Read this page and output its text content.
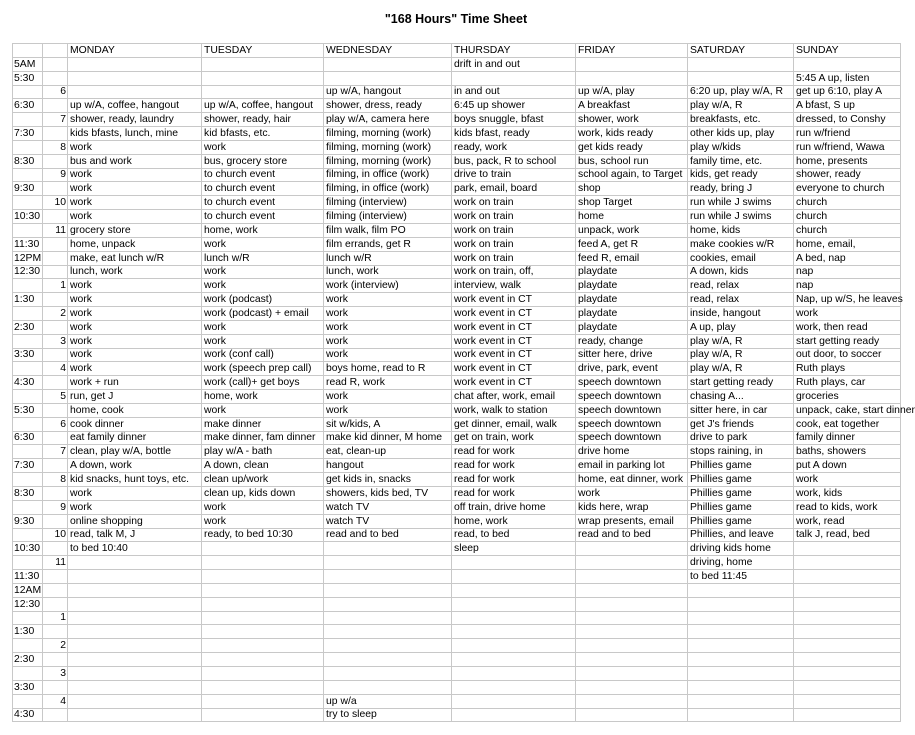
"168 Hours" Time Sheet
		MONDAY	TUESDAY	WEDNESDAY	THURSDAY	FRIDAY	SATURDAY	SUNDAY
5AM					drift in and out			
5:30								5:45 A up, listen
	6			up w/A, hangout	in and out	up w/A, play	6:20 up, play w/A, R	get up 6:10, play A
6:30		up w/A, coffee, hangout	up w/A, coffee, hangout	shower, dress, ready	6:45 up shower	A breakfast	play w/A, R	A bfast, S up
	7	shower, ready, laundry	shower, ready, hair	play w/A, camera here	boys snuggle, bfast	shower, work	breakfasts, etc.	dressed, to Conshy
7:30		kids bfasts, lunch, mine	kid bfasts, etc.	filming, morning (work)	kids bfast, ready	work, kids ready	other kids up, play	run w/friend
	8	work	work	filming, morning (work)	ready, work	get kids ready	play w/kids	run w/friend, Wawa
8:30		bus and work	bus, grocery store	filming, morning (work)	bus, pack, R to school	bus, school run	family time, etc.	home, presents
	9	work	to church event	filming, in office (work)	drive to train	school again, to Target	kids, get ready	shower, ready
9:30		work	to church event	filming, in office (work)	park, email, board	shop	ready, bring J	everyone to church
	10	work	to church event	filming (interview)	work on train	shop Target	run while J swims	church
10:30		work	to church event	filming (interview)	work on train	home	run while J swims	church
	11	grocery store	home, work	film walk, film PO	work on train	unpack, work	home, kids	church
11:30		home, unpack	work	film errands, get R	work on train	feed A, get R	make cookies w/R	home, email,
12PM		make, eat lunch w/R	lunch w/R	lunch w/R	work on train	feed R, email	cookies, email	A bed, nap
12:30		lunch, work	work	lunch, work	work on train, off,	playdate	A down, kids	nap
	1	work	work	work (interview)	interview, walk	playdate	read, relax	nap
1:30		work	work (podcast)	work	work event in CT	playdate	read, relax	Nap, up w/S, he leaves
	2	work	work (podcast) + email	work	work event in CT	playdate	inside, hangout	work
2:30		work	work	work	work event in CT	playdate	A up, play	work, then read
	3	work	work	work	work event in CT	ready, change	play w/A, R	start getting ready
3:30		work	work (conf call)	work	work event in CT	sitter here, drive	play w/A, R	out door, to soccer
	4	work	work (speech prep call)	boys home, read to R	work event in CT	drive, park, event	play w/A, R	Ruth plays
4:30		work + run	work (call)+ get boys	read R, work	work event in CT	speech downtown	start getting ready	Ruth plays, car
	5	run, get J	home, work	work	chat after, work, email	speech downtown	chasing A...	groceries
5:30		home, cook	work	work	work, walk to station	speech downtown	sitter here, in car	unpack, cake, start dinner
	6	cook dinner	make dinner	sit w/kids, A	get dinner, email, walk	speech downtown	get J's friends	cook, eat together
6:30		eat family dinner	make dinner, fam dinner	make kid dinner, M home	get on train, work	speech downtown	drive to park	family dinner
	7	clean, play w/A, bottle	play w/A - bath	eat, clean-up	read for work	drive home	stops raining, in	baths, showers
7:30		A down, work	A down, clean	hangout	read for work	email in parking lot	Phillies game	put A down
	8	kid snacks, hunt toys, etc.	clean up/work	get kids in, snacks	read for work	home, eat dinner, work	Phillies game	work
8:30		work	clean up, kids down	showers, kids bed, TV	read for work	work	Phillies game	work, kids
	9	work	work	watch TV	off train, drive home	kids here, wrap	Phillies game	read to kids, work
9:30		online shopping	work	watch TV	home, work	wrap presents, email	Phillies game	work, read
	10	read, talk M, J	ready, to bed 10:30	read and to bed	read, to bed	read and to bed	Phillies, and leave	talk J, read, bed
10:30		to bed 10:40			sleep		driving kids home	
	11						driving, home	
11:30							to bed 11:45	
12AM								
12:30								
	1							
1:30								
	2							
2:30								
	3							
3:30								
	4			up w/a				
4:30				try to sleep				
